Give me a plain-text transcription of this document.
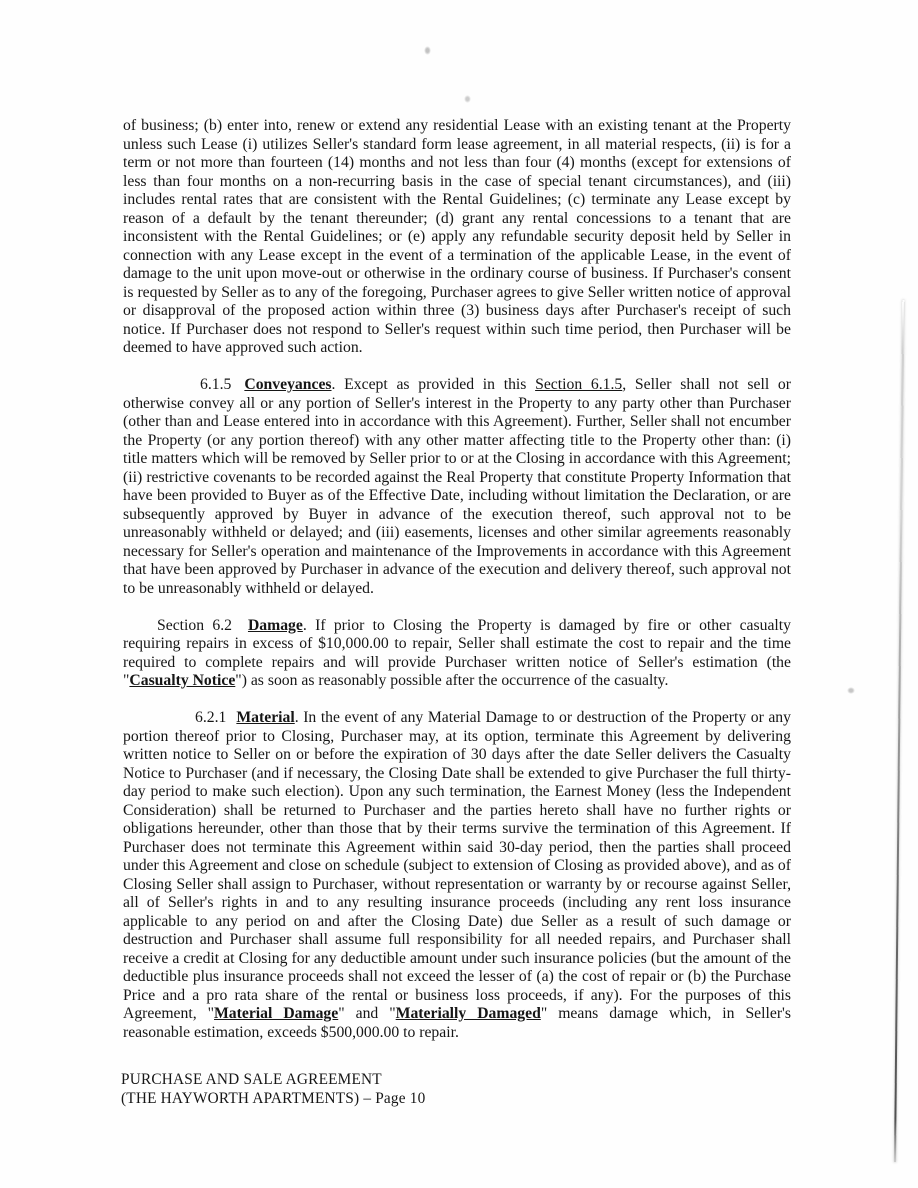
of business; (b) enter into, renew or extend any residential Lease with an existing tenant at the Property unless such Lease (i) utilizes Seller's standard form lease agreement, in all material respects, (ii) is for a term or not more than fourteen (14) months and not less than four (4) months (except for extensions of less than four months on a non-recurring basis in the case of special tenant circumstances), and (iii) includes rental rates that are consistent with the Rental Guidelines; (c) terminate any Lease except by reason of a default by the tenant thereunder; (d) grant any rental concessions to a tenant that are inconsistent with the Rental Guidelines; or (e) apply any refundable security deposit held by Seller in connection with any Lease except in the event of a termination of the applicable Lease, in the event of damage to the unit upon move-out or otherwise in the ordinary course of business. If Purchaser's consent is requested by Seller as to any of the foregoing, Purchaser agrees to give Seller written notice of approval or disapproval of the proposed action within three (3) business days after Purchaser's receipt of such notice. If Purchaser does not respond to Seller's request within such time period, then Purchaser will be deemed to have approved such action.

6.1.5 Conveyances. Except as provided in this Section 6.1.5, Seller shall not sell or otherwise convey all or any portion of Seller's interest in the Property to any party other than Purchaser (other than and Lease entered into in accordance with this Agreement). Further, Seller shall not encumber the Property (or any portion thereof) with any other matter affecting title to the Property other than: (i) title matters which will be removed by Seller prior to or at the Closing in accordance with this Agreement; (ii) restrictive covenants to be recorded against the Real Property that constitute Property Information that have been provided to Buyer as of the Effective Date, including without limitation the Declaration, or are subsequently approved by Buyer in advance of the execution thereof, such approval not to be unreasonably withheld or delayed; and (iii) easements, licenses and other similar agreements reasonably necessary for Seller's operation and maintenance of the Improvements in accordance with this Agreement that have been approved by Purchaser in advance of the execution and delivery thereof, such approval not to be unreasonably withheld or delayed.

Section 6.2 Damage. If prior to Closing the Property is damaged by fire or other casualty requiring repairs in excess of $10,000.00 to repair, Seller shall estimate the cost to repair and the time required to complete repairs and will provide Purchaser written notice of Seller's estimation (the "Casualty Notice") as soon as reasonably possible after the occurrence of the casualty.

6.2.1 Material. In the event of any Material Damage to or destruction of the Property or any portion thereof prior to Closing, Purchaser may, at its option, terminate this Agreement by delivering written notice to Seller on or before the expiration of 30 days after the date Seller delivers the Casualty Notice to Purchaser (and if necessary, the Closing Date shall be extended to give Purchaser the full thirty-day period to make such election). Upon any such termination, the Earnest Money (less the Independent Consideration) shall be returned to Purchaser and the parties hereto shall have no further rights or obligations hereunder, other than those that by their terms survive the termination of this Agreement. If Purchaser does not terminate this Agreement within said 30-day period, then the parties shall proceed under this Agreement and close on schedule (subject to extension of Closing as provided above), and as of Closing Seller shall assign to Purchaser, without representation or warranty by or recourse against Seller, all of Seller's rights in and to any resulting insurance proceeds (including any rent loss insurance applicable to any period on and after the Closing Date) due Seller as a result of such damage or destruction and Purchaser shall assume full responsibility for all needed repairs, and Purchaser shall receive a credit at Closing for any deductible amount under such insurance policies (but the amount of the deductible plus insurance proceeds shall not exceed the lesser of (a) the cost of repair or (b) the Purchase Price and a pro rata share of the rental or business loss proceeds, if any). For the purposes of this Agreement, "Material Damage" and "Materially Damaged" means damage which, in Seller's reasonable estimation, exceeds $500,000.00 to repair.

PURCHASE AND SALE AGREEMENT
(THE HAYWORTH APARTMENTS) – Page 10
